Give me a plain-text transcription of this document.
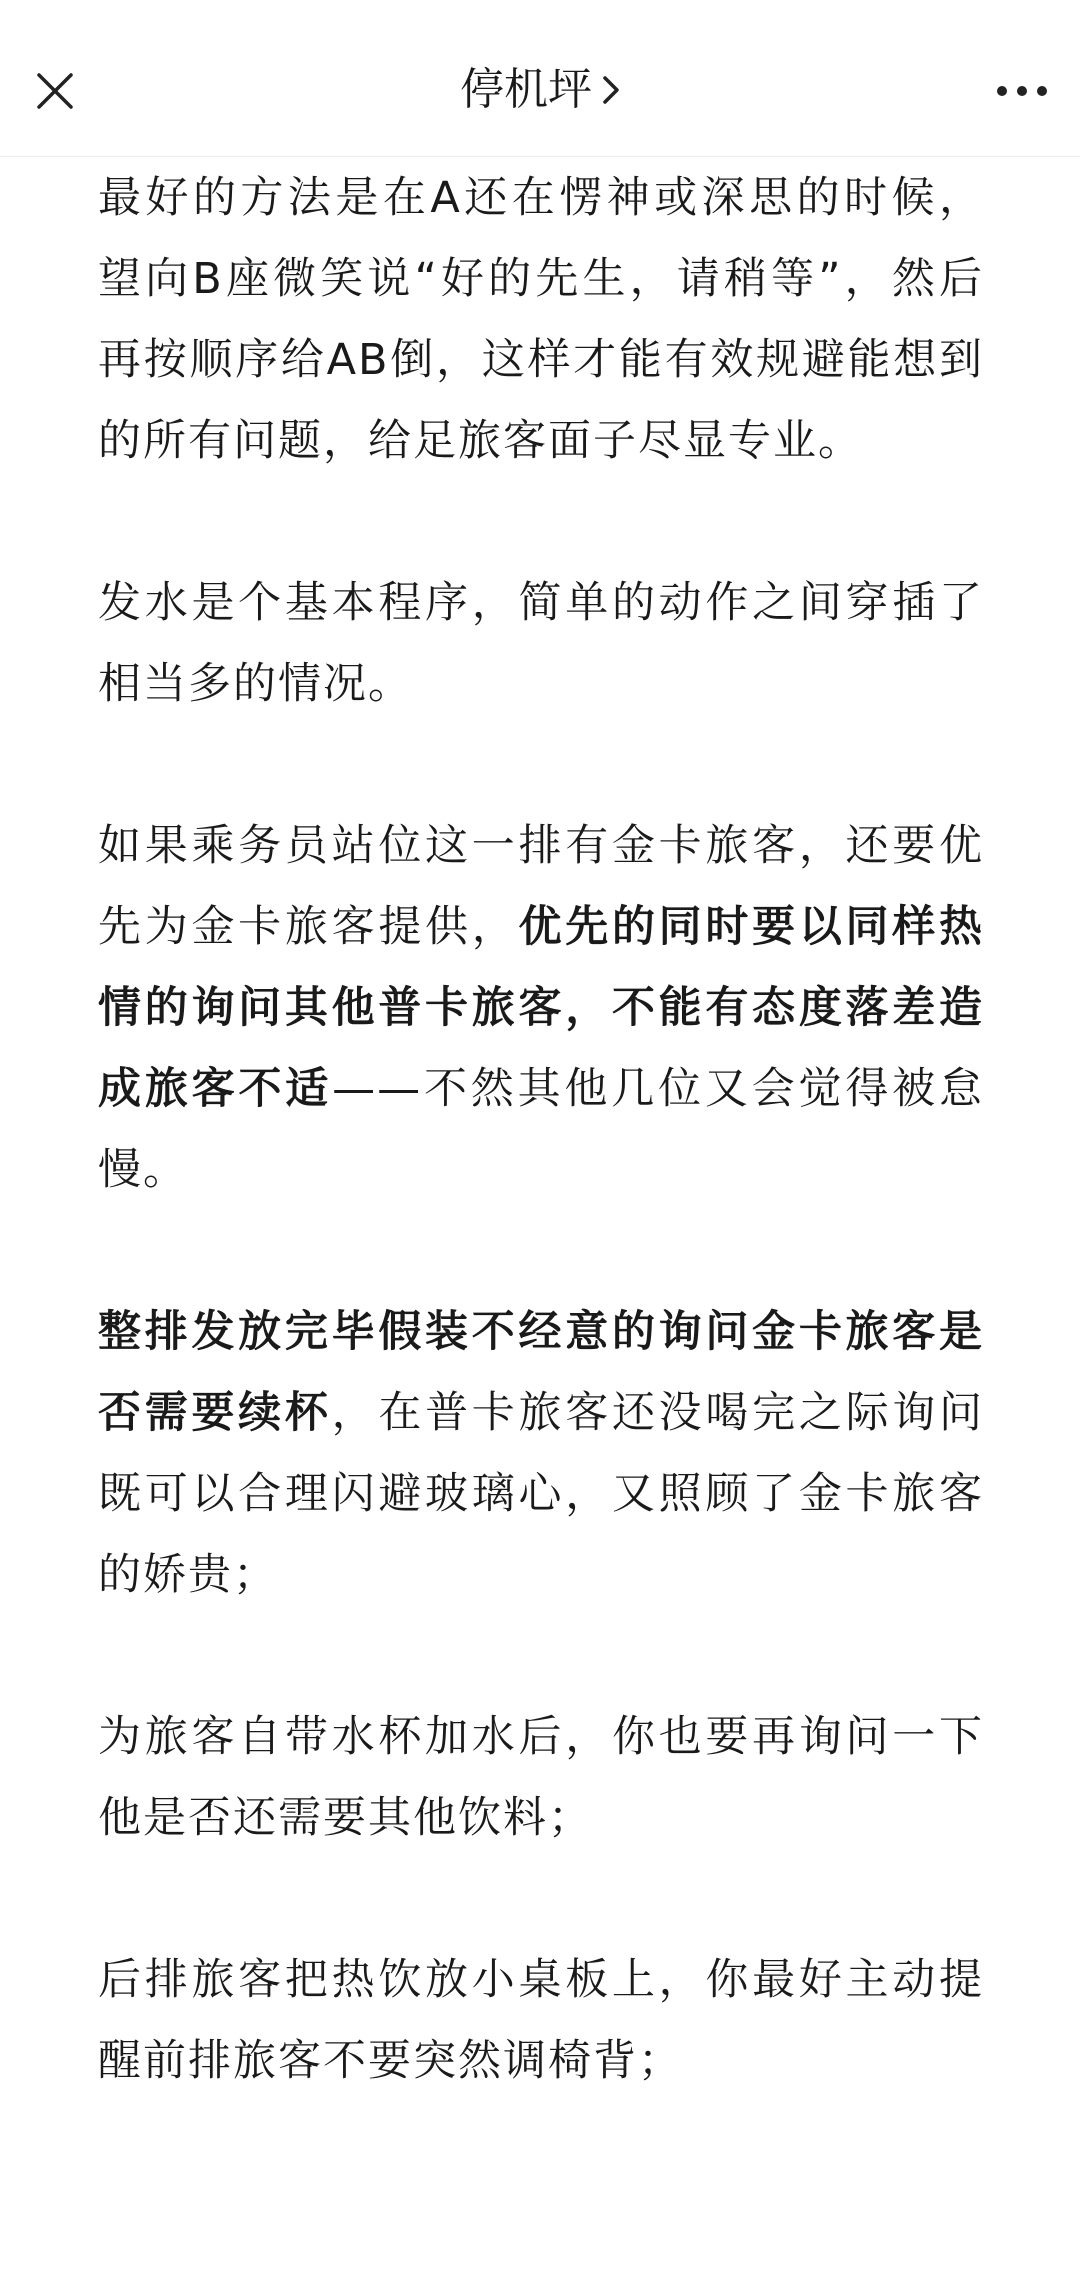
停机坪

最好的方法是在A还在愣神或深思的时候，望向B座微笑说“好的先生，请稍等”，然后再按顺序给AB倒，这样才能有效规避能想到的所有问题，给足旅客面子尽显专业。

发水是个基本程序，简单的动作之间穿插了相当多的情况。

如果乘务员站位这一排有金卡旅客，还要优先为金卡旅客提供，优先的同时要以同样热情的询问其他普卡旅客，不能有态度落差造成旅客不适——不然其他几位又会觉得被怠慢。

整排发放完毕假装不经意的询问金卡旅客是否需要续杯，在普卡旅客还没喝完之际询问既可以合理闪避玻璃心，又照顾了金卡旅客的娇贵；

为旅客自带水杯加水后，你也要再询问一下他是否还需要其他饮料；

后排旅客把热饮放小桌板上，你最好主动提醒前排旅客不要突然调椅背；
